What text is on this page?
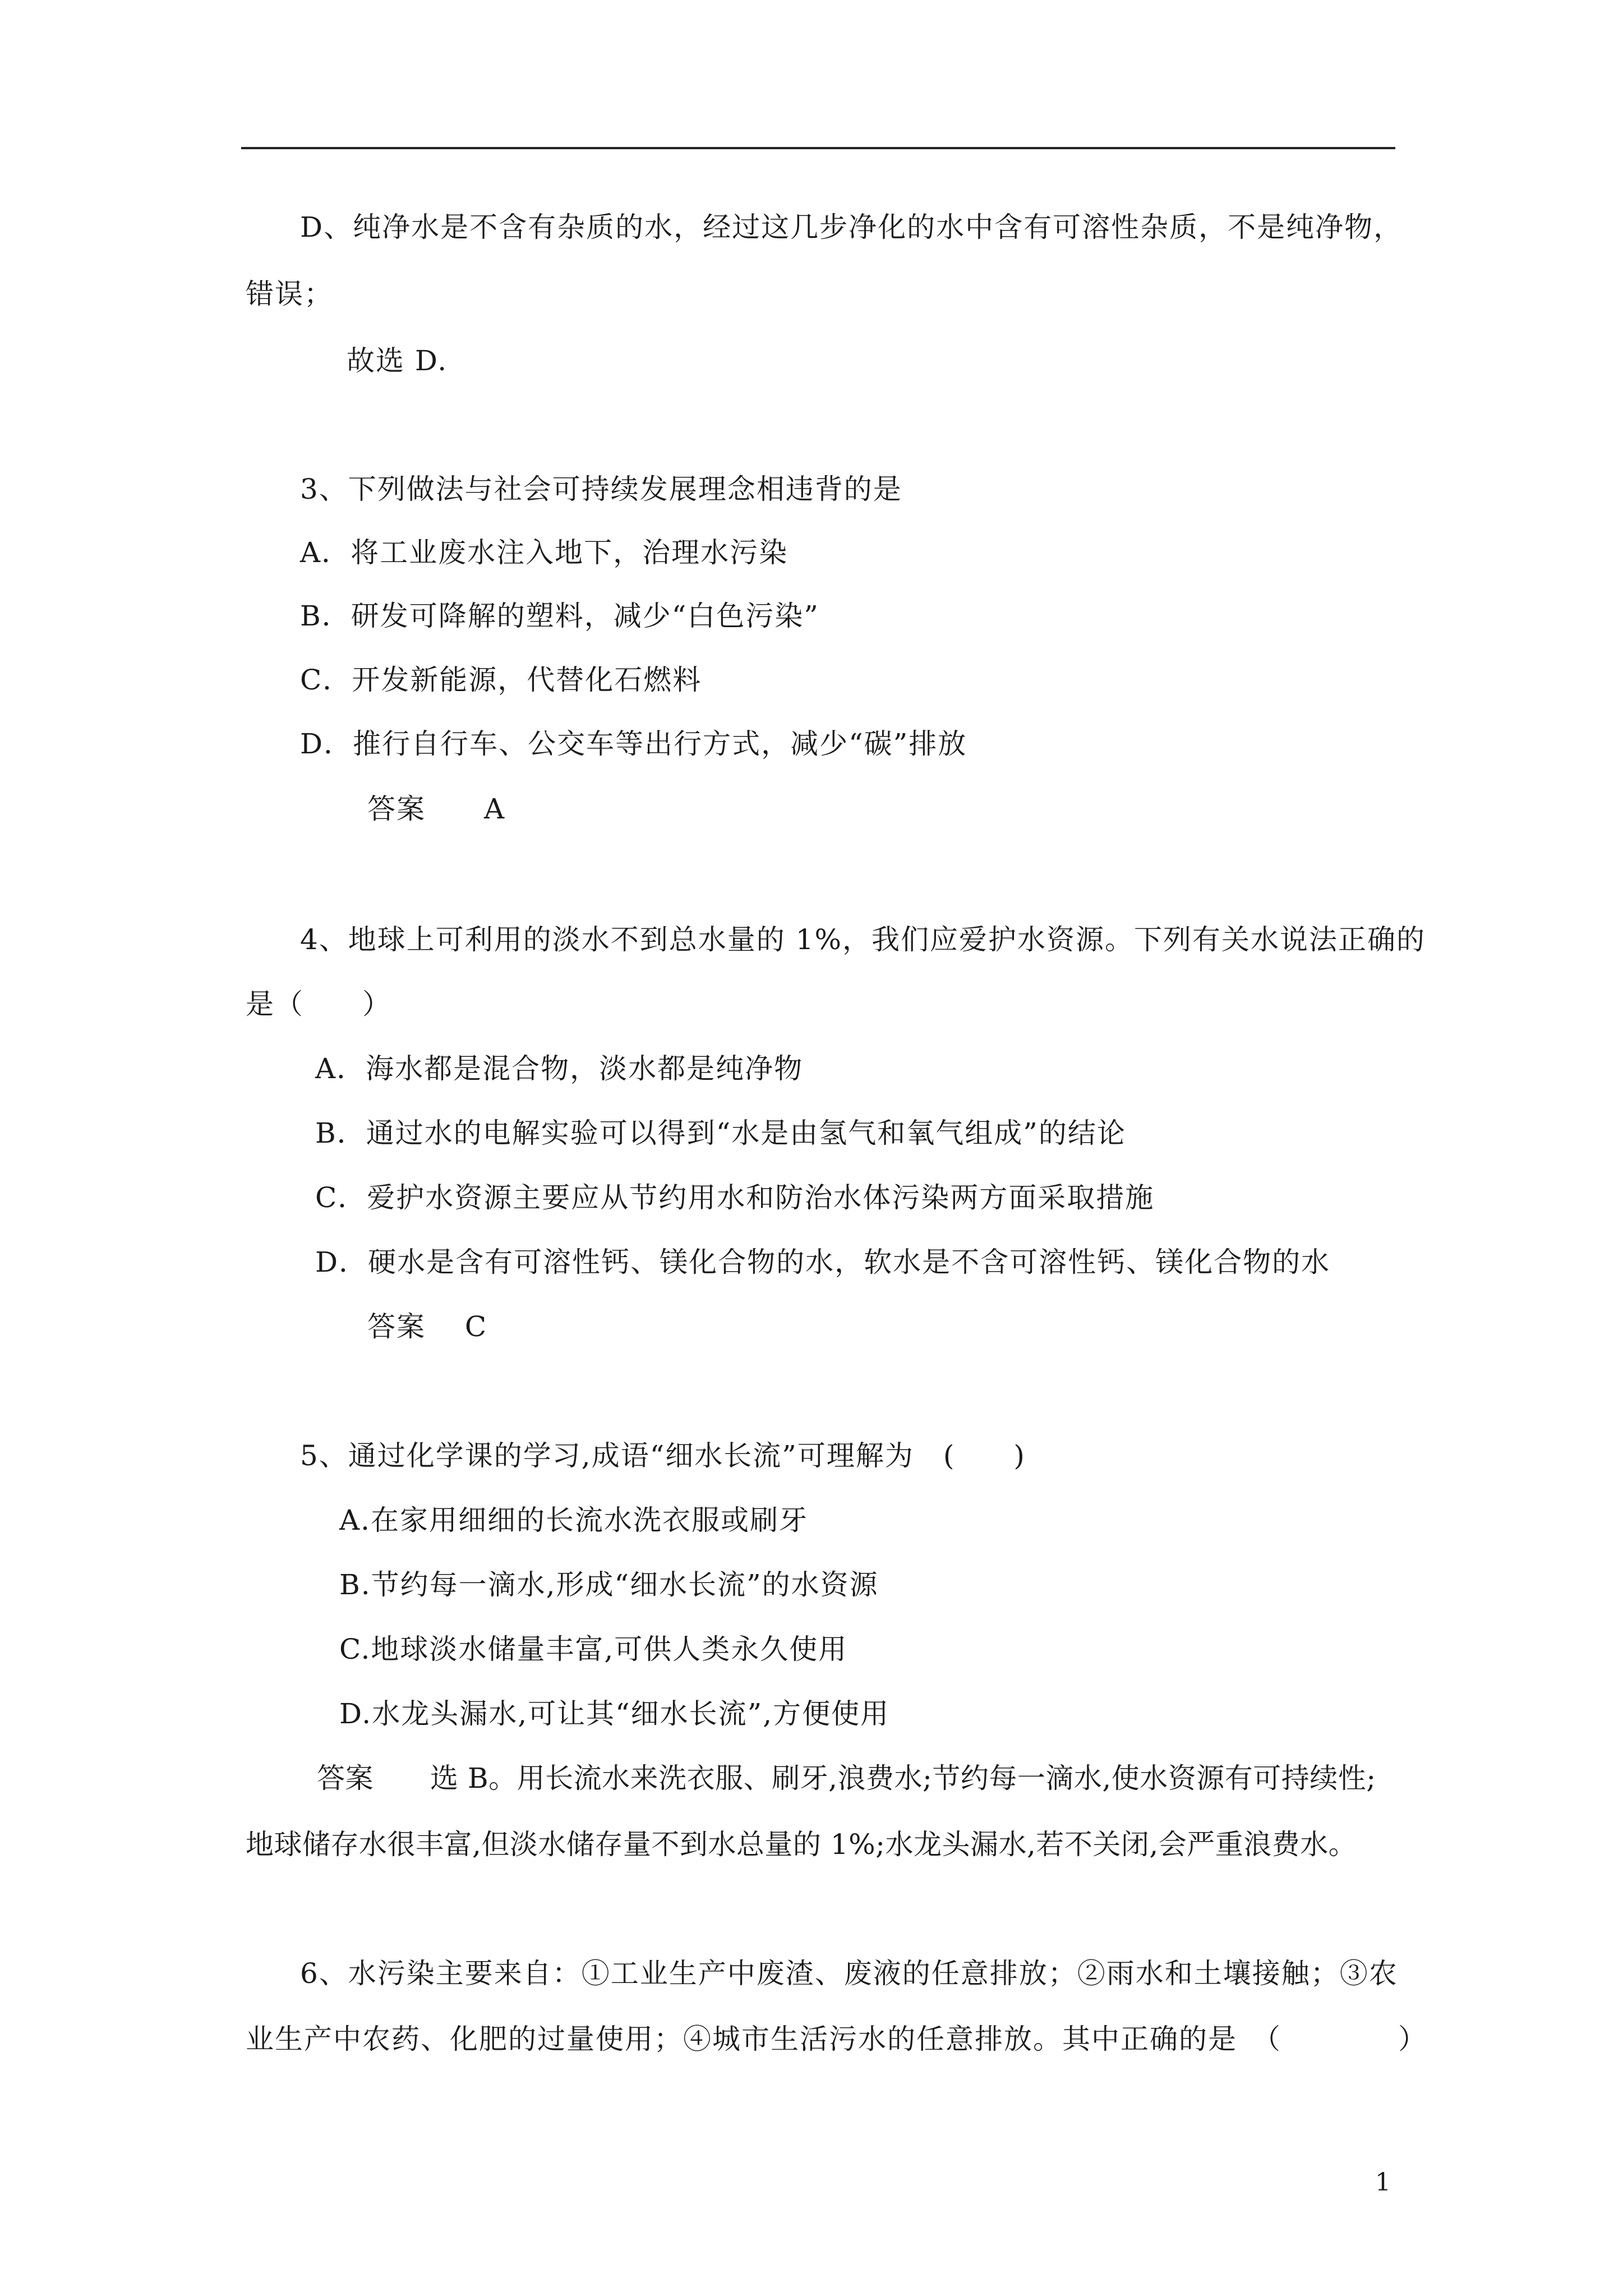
D、纯净水是不含有杂质的水，经过这几步净化的水中含有可溶性杂质，不是纯净物，
错误；
故选 D.
3、下列做法与社会可持续发展理念相违背的是
A．将工业废水注入地下，治理水污染
B．研发可降解的塑料，减少“白色污染”
C．开发新能源，代替化石燃料
D．推行自行车、公交车等出行方式，减少“碳”排放
答案　　A
4、地球上可利用的淡水不到总水量的 1%，我们应爱护水资源。下列有关水说法正确的
是（　　）
A．海水都是混合物，淡水都是纯净物
B．通过水的电解实验可以得到“水是由氢气和氧气组成”的结论
C．爱护水资源主要应从节约用水和防治水体污染两方面采取措施
D．硬水是含有可溶性钙、镁化合物的水，软水是不含可溶性钙、镁化合物的水
答案　 C
5、通过化学课的学习,成语“细水长流”可理解为　(　　)
A.在家用细细的长流水洗衣服或刷牙
B.节约每一滴水,形成“细水长流”的水资源
C.地球淡水储量丰富,可供人类永久使用
D.水龙头漏水,可让其“细水长流”,方便使用
答案　　选 B。用长流水来洗衣服、刷牙,浪费水;节约每一滴水,使水资源有可持续性;
地球储存水很丰富,但淡水储存量不到水总量的 1%;水龙头漏水,若不关闭,会严重浪费水。
6、水污染主要来自：①工业生产中废渣、废液的任意排放；②雨水和土壤接触；③农
业生产中农药、化肥的过量使用；④城市生活污水的任意排放。其中正确的是　（　　　　）
1
